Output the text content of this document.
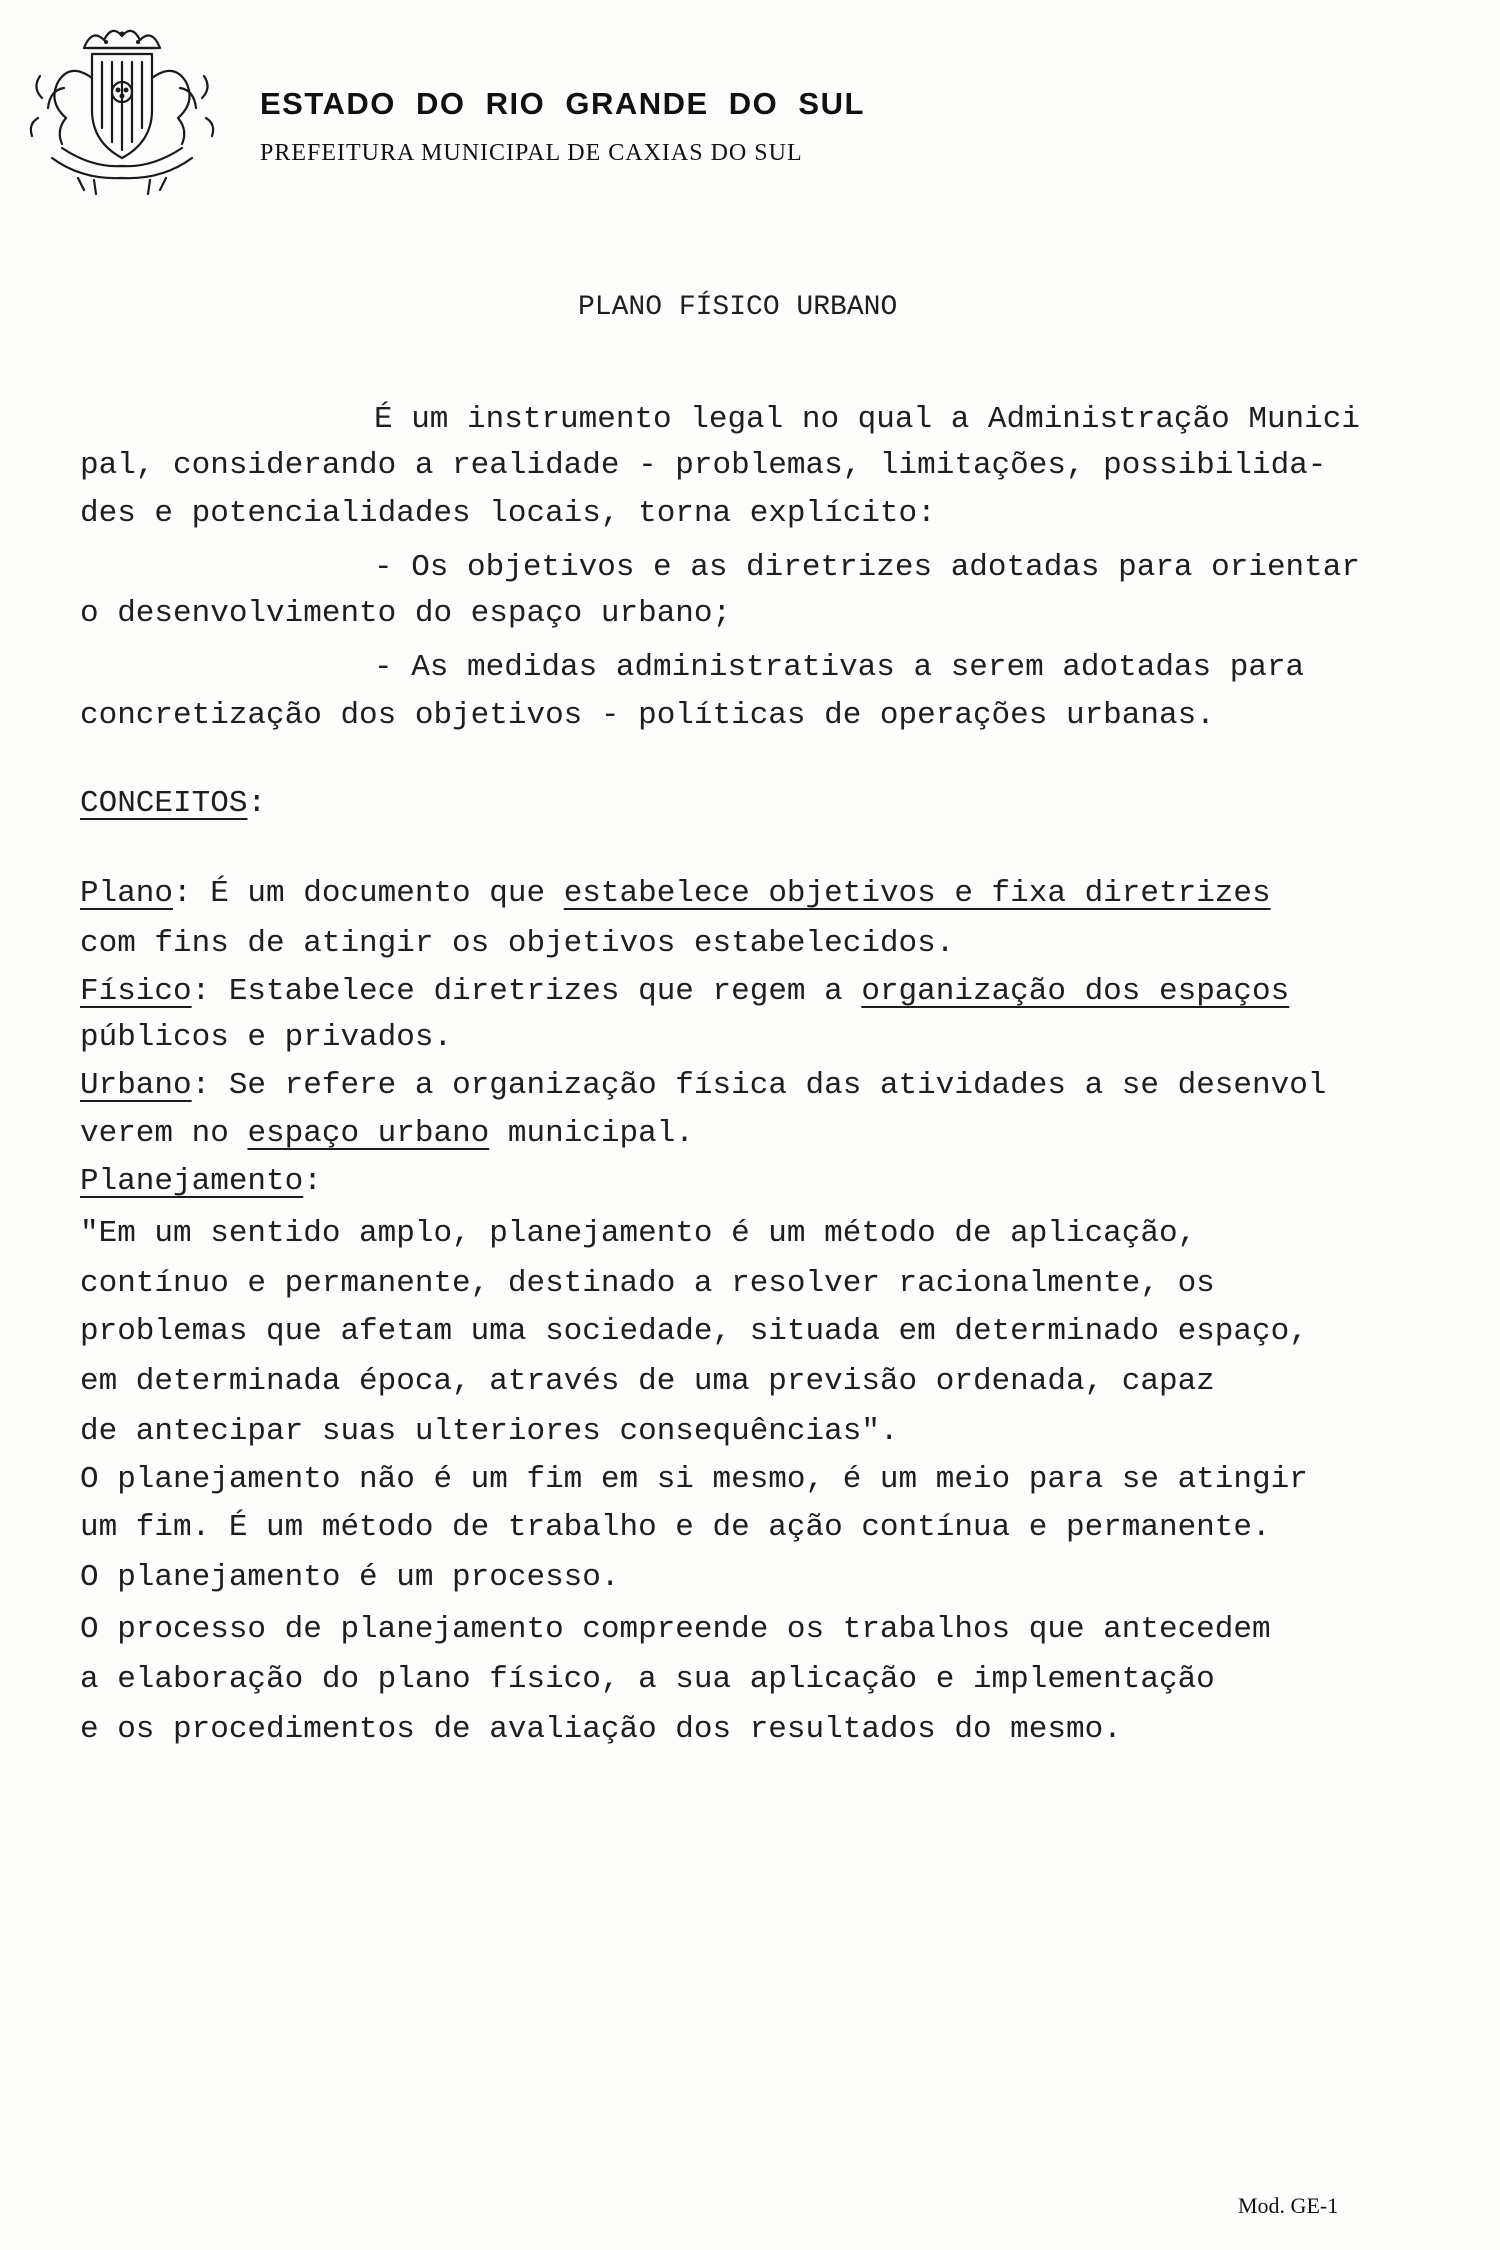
ESTADO DO RIO GRANDE DO SUL
PREFEITURA MUNICIPAL DE CAXIAS DO SUL
PLANO FÍSICO URBANO
É um instrumento legal no qual a Administração Munici
pal, considerando a realidade - problemas, limitações, possibilida-
des e potencialidades locais, torna explícito:
- Os objetivos e as diretrizes adotadas para orientar
o desenvolvimento do espaço urbano;
- As medidas administrativas a serem adotadas para
concretização dos objetivos - políticas de operações urbanas.
CONCEITOS:
Plano: É um documento que estabelece objetivos e fixa diretrizes
com fins de atingir os objetivos estabelecidos.
Físico: Estabelece diretrizes que regem a organização dos espaços
públicos e privados.
Urbano: Se refere a organização física das atividades a se desenvol
verem no espaço urbano municipal.
Planejamento:
"Em um sentido amplo, planejamento é um método de aplicação,
contínuo e permanente, destinado a resolver racionalmente, os
problemas que afetam uma sociedade, situada em determinado espaço,
em determinada época, através de uma previsão ordenada, capaz
de antecipar suas ulteriores consequências".
O planejamento não é um fim em si mesmo, é um meio para se atingir
um fim. É um método de trabalho e de ação contínua e permanente.
O planejamento é um processo.
O processo de planejamento compreende os trabalhos que antecedem
a elaboração do plano físico, a sua aplicação e implementação
e os procedimentos de avaliação dos resultados do mesmo.
Mod. GE-1
